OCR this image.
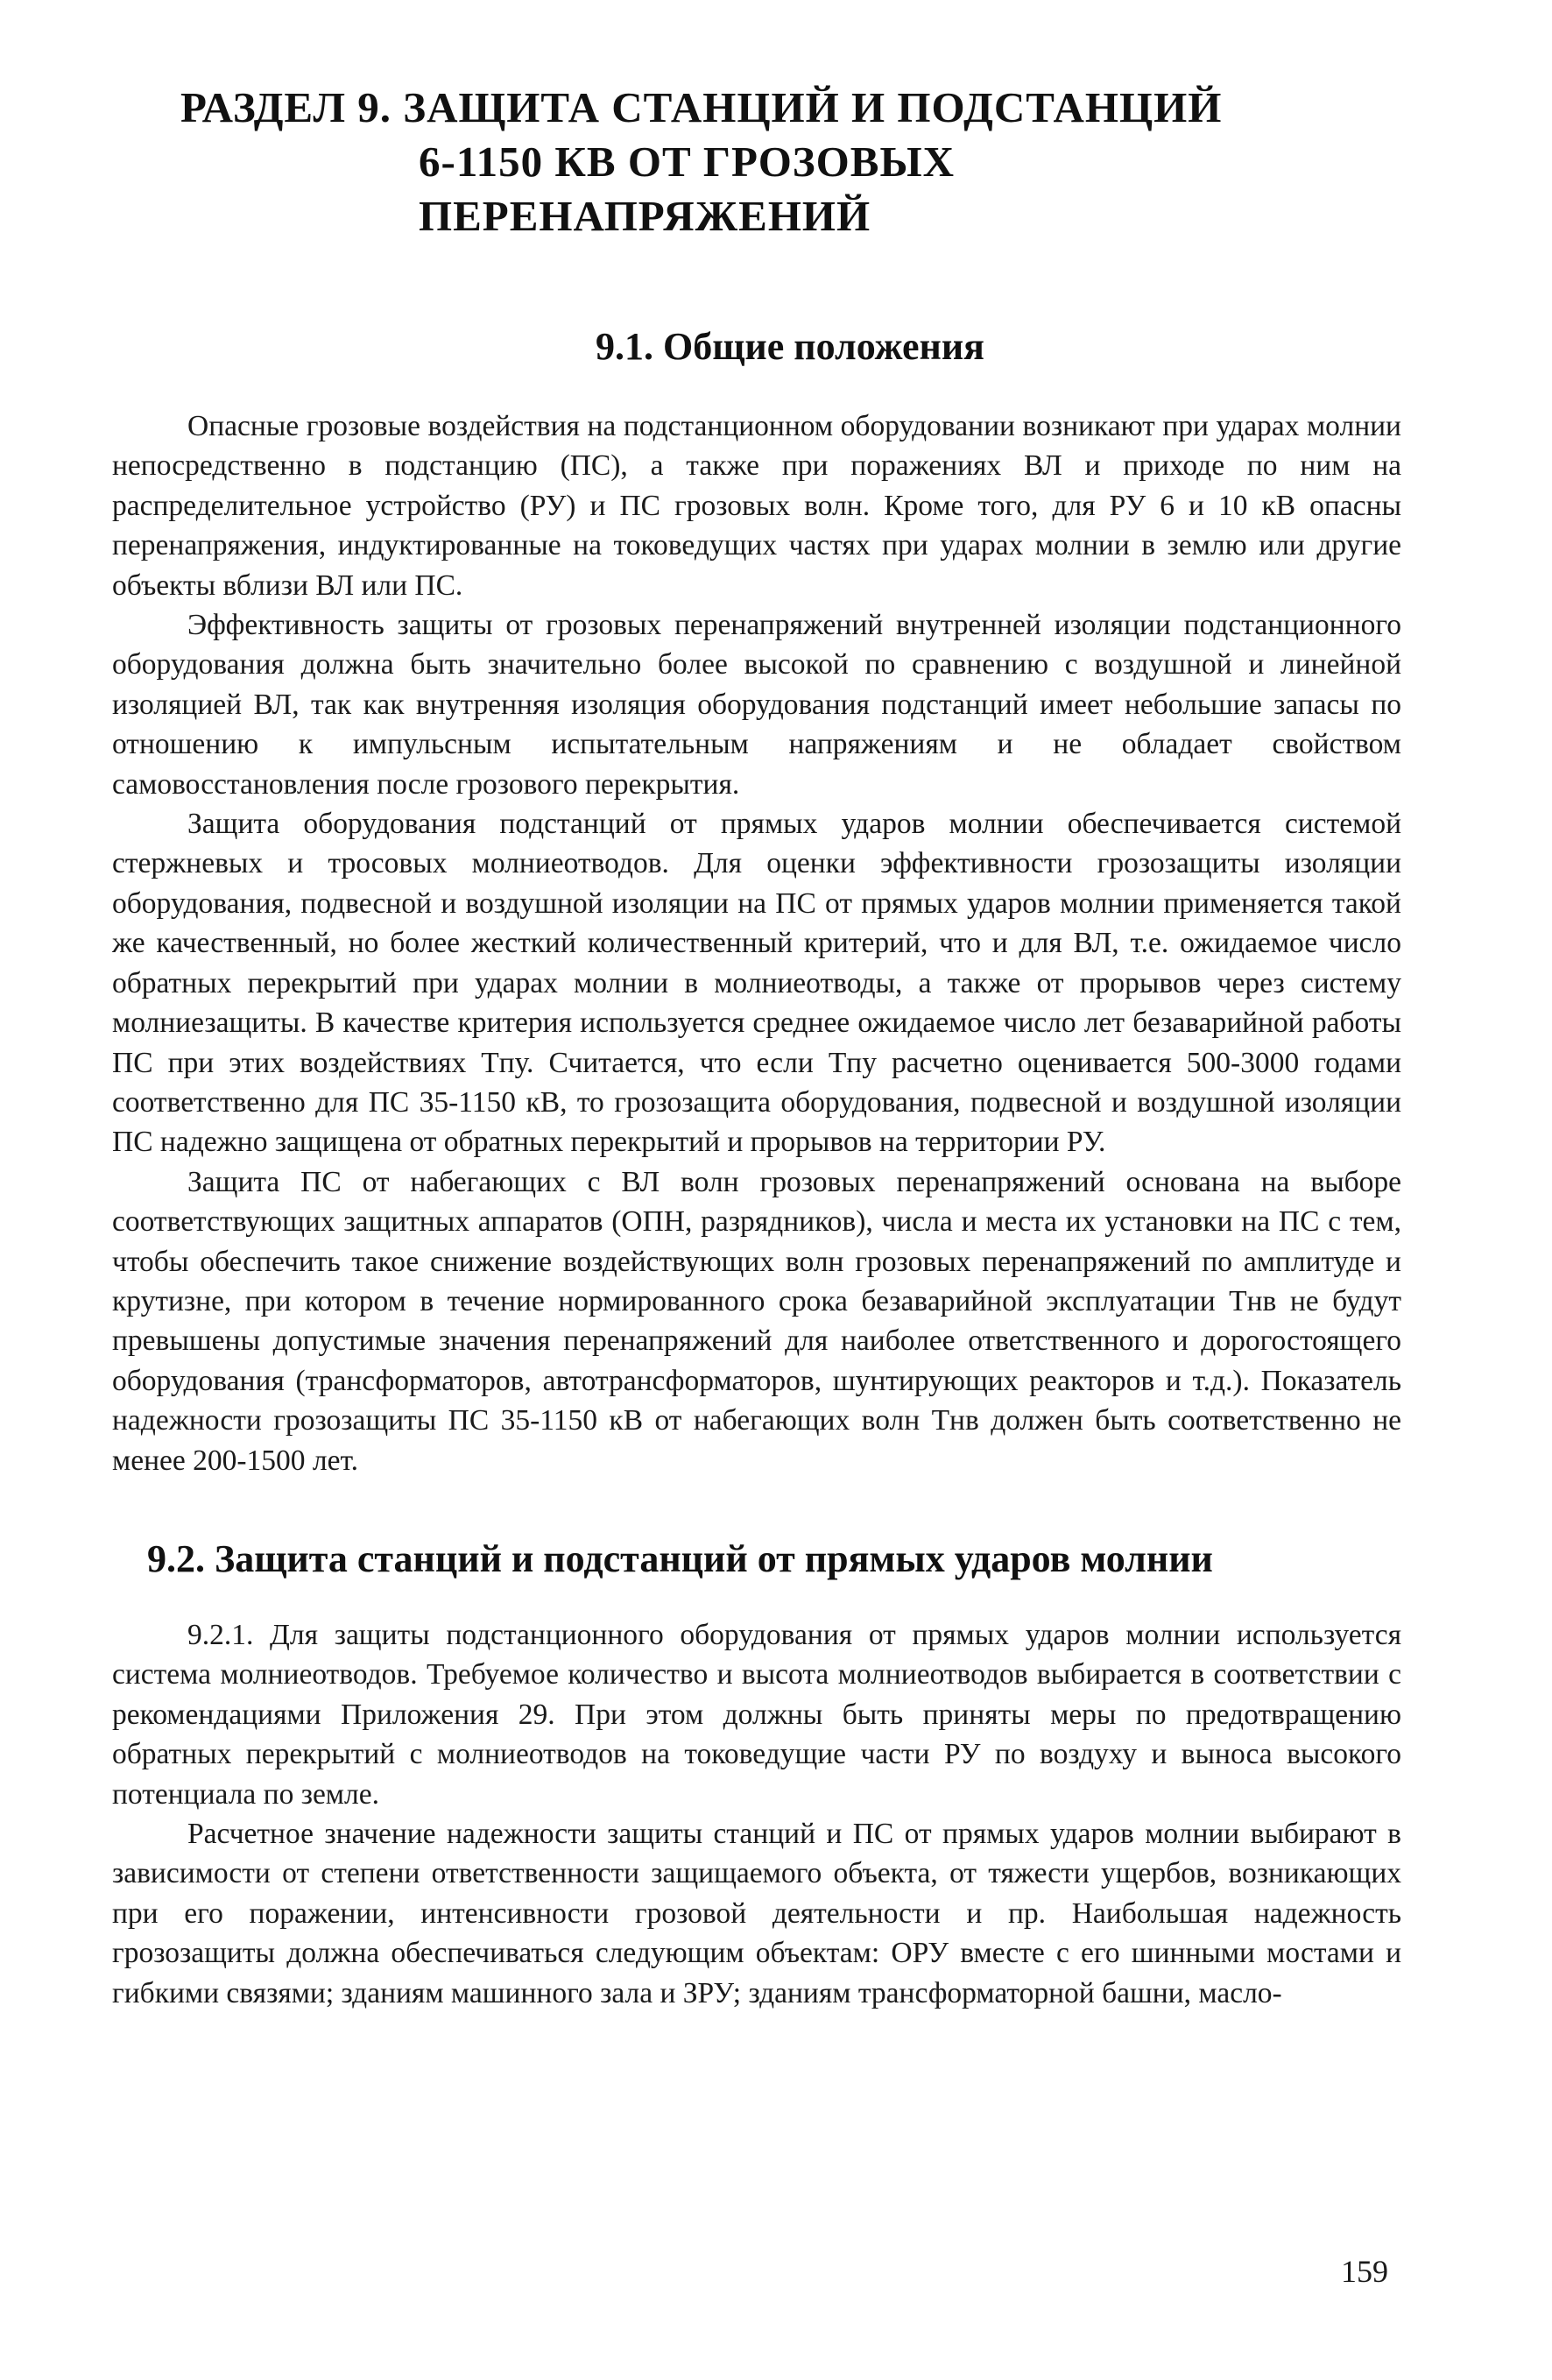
РАЗДЕЛ 9. ЗАЩИТА СТАНЦИЙ И ПОДСТАНЦИЙ
6-1150 КВ ОТ ГРОЗОВЫХ ПЕРЕНАПРЯЖЕНИЙ
9.1. Общие положения

Опасные грозовые воздействия на подстанционном оборудовании возникают при ударах молнии непосредственно в подстанцию (ПС), а также при поражениях ВЛ и приходе по ним на распределительное устройство (РУ) и ПС грозовых волн. Кроме того, для РУ 6 и 10 кВ опасны перенапряжения, индуктированные на токоведущих частях при ударах молнии в землю или другие объекты вблизи ВЛ или ПС.

Эффективность защиты от грозовых перенапряжений внутренней изоляции подстанционного оборудования должна быть значительно более высокой по сравнению с воздушной и линейной изоляцией ВЛ, так как внутренняя изоляция оборудования подстанций имеет небольшие запасы по отношению к импульсным испытательным напряжениям и не обладает свойством самовосстановления после грозового перекрытия.

Защита оборудования подстанций от прямых ударов молнии обеспечивается системой стержневых и тросовых молниеотводов. Для оценки эффективности грозозащиты изоляции оборудования, подвесной и воздушной изоляции на ПС от прямых ударов молнии применяется такой же качественный, но более жесткий количественный критерий, что и для ВЛ, т.е. ожидаемое число обратных перекрытий при ударах молнии в молниеотводы, а также от прорывов через систему молниезащиты. В качестве критерия используется среднее ожидаемое число лет безаварийной работы ПС при этих воздействиях Tпу. Считается, что если Tпу расчетно оценивается 500-3000 годами соответственно для ПС 35-1150 кВ, то грозозащита оборудования, подвесной и воздушной изоляции ПС надежно защищена от обратных перекрытий и прорывов на территории РУ.

Защита ПС от набегающих с ВЛ волн грозовых перенапряжений основана на выборе соответствующих защитных аппаратов (ОПН, разрядников), числа и места их установки на ПС с тем, чтобы обеспечить такое снижение воздействующих волн грозовых перенапряжений по амплитуде и крутизне, при котором в течение нормированного срока безаварийной эксплуатации Tнв не будут превышены допустимые значения перенапряжений для наиболее ответственного и дорогостоящего оборудования (трансформаторов, автотрансформаторов, шунтирующих реакторов и т.д.). Показатель надежности грозозащиты ПС 35-1150 кВ от набегающих волн Tнв должен быть соответственно не менее 200-1500 лет.

9.2. Защита станций и подстанций от прямых ударов молнии

9.2.1. Для защиты подстанционного оборудования от прямых ударов молнии используется система молниеотводов. Требуемое количество и высота молниеотводов выбирается в соответствии с рекомендациями Приложения 29. При этом должны быть приняты меры по предотвращению обратных перекрытий с молниеотводов на токоведущие части РУ по воздуху и выноса высокого потенциала по земле.

Расчетное значение надежности защиты станций и ПС от прямых ударов молнии выбирают в зависимости от степени ответственности защищаемого объекта, от тяжести ущербов, возникающих при его поражении, интенсивности грозовой деятельности и пр. Наибольшая надежность грозозащиты должна обеспечиваться следующим объектам: ОРУ вместе с его шинными мостами и гибкими связями; зданиям машинного зала и ЗРУ; зданиям трансформаторной башни, масло-

159
